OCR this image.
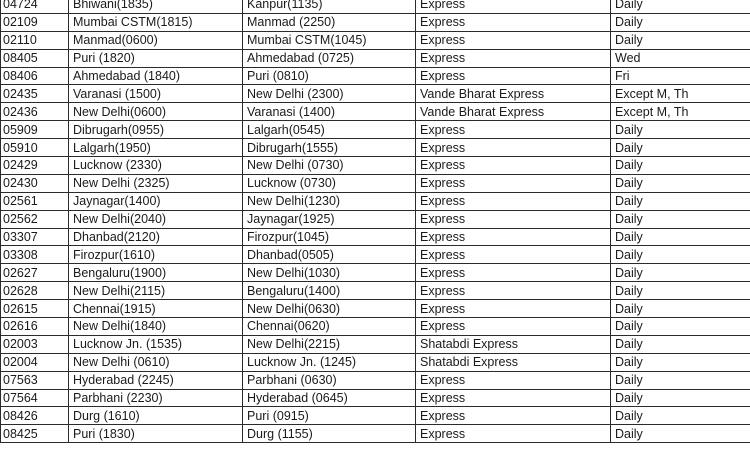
04724	Bhiwani(1835)	Kanpur(1135)	Express	Daily
02109	Mumbai CSTM(1815)	Manmad (2250)	Express	Daily
02110	Manmad(0600)	Mumbai CSTM(1045)	Express	Daily
08405	Puri (1820)	Ahmedabad (0725)	Express	Wed
08406	Ahmedabad (1840)	Puri (0810)	Express	Fri
02435	Varanasi (1500)	New Delhi (2300)	Vande Bharat Express	Except M, Th
02436	New Delhi(0600)	Varanasi (1400)	Vande Bharat Express	Except M, Th
05909	Dibrugarh(0955)	Lalgarh(0545)	Express	Daily
05910	Lalgarh(1950)	Dibrugarh(1555)	Express	Daily
02429	Lucknow (2330)	New Delhi (0730)	Express	Daily
02430	New Delhi (2325)	Lucknow (0730)	Express	Daily
02561	Jaynagar(1400)	New Delhi(1230)	Express	Daily
02562	New Delhi(2040)	Jaynagar(1925)	Express	Daily
03307	Dhanbad(2120)	Firozpur(1045)	Express	Daily
03308	Firozpur(1610)	Dhanbad(0505)	Express	Daily
02627	Bengaluru(1900)	New Delhi(1030)	Express	Daily
02628	New Delhi(2115)	Bengaluru(1400)	Express	Daily
02615	Chennai(1915)	New Delhi(0630)	Express	Daily
02616	New Delhi(1840)	Chennai(0620)	Express	Daily
02003	Lucknow Jn. (1535)	New Delhi(2215)	Shatabdi Express	Daily
02004	New Delhi (0610)	Lucknow Jn. (1245)	Shatabdi Express	Daily
07563	Hyderabad (2245)	Parbhani (0630)	Express	Daily
07564	Parbhani (2230)	Hyderabad (0645)	Express	Daily
08426	Durg (1610)	Puri (0915)	Express	Daily
08425	Puri (1830)	Durg (1155)	Express	Daily
